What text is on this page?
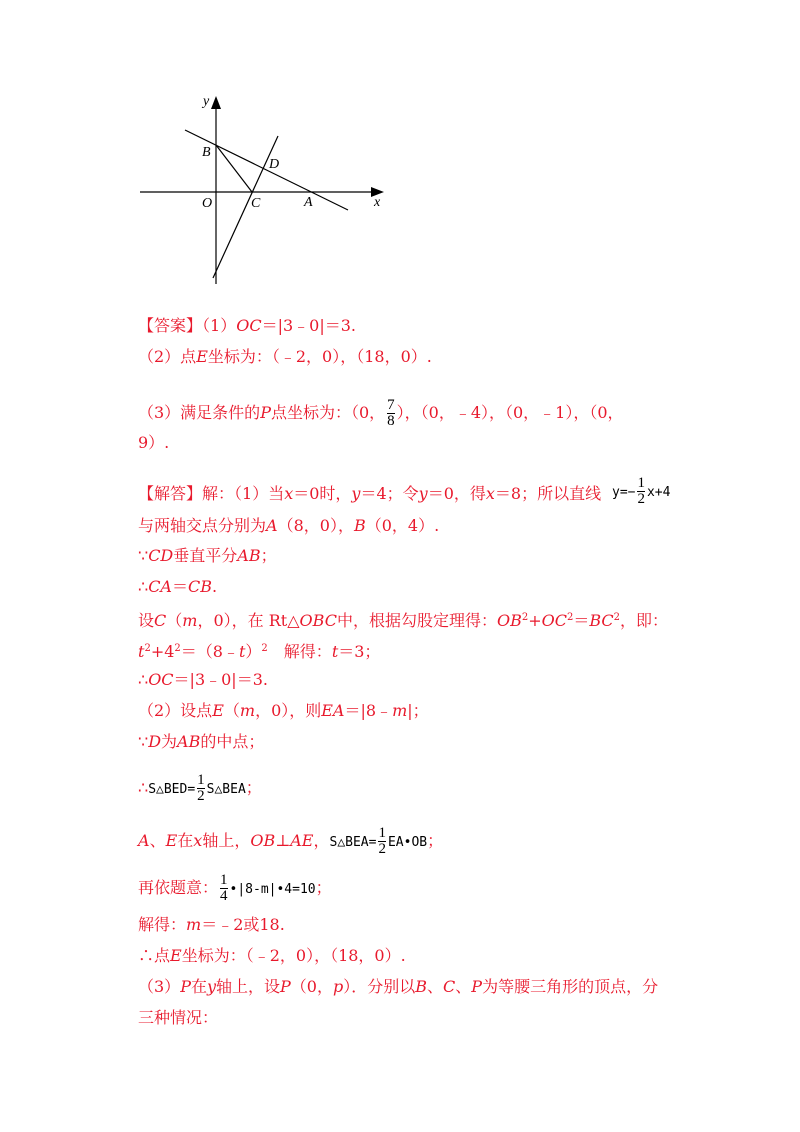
y
x
B
D
O	C	A
【答案】（1）OC＝|3﹣0|＝3.
（2）点E坐标为：（﹣2，0），（18，0）.
（3）满足条件的P点坐标为：（0， $\frac{7}{8}$ ），（0，﹣4），（0，﹣1），（0，
9）.
【解答】解：（1）当x＝0时，y＝4；令y＝0，得x＝8；所以直线 $y=- \frac{1}{2} x+4$
与两轴交点分别为A（8，0），B（0，4）.
∵CD垂直平分AB；
∴CA＝CB.
设C（m，0），在 Rt△OBC中，根据勾股定理得：$OB^2+OC^2=BC^2$，即：
$t^2+4^2=(8﹣t)^2$　解得：t＝3；
∴OC＝|3﹣0|＝3.
（2）设点E（m，0），则EA＝|8﹣m|；
∵D为AB的中点；
∴S△BED= $\frac{1}{2}$ S△BEA；
A、E在x轴上，OB⊥AE，S△BEA= $\frac{1}{2}$ EA•OB；
再依题意： $\frac{1}{4}$ •|8-m|•4=10；
解得：m＝﹣2或18.
∴点E坐标为：（﹣2，0），（18，0）.
（3）P在y轴上，设P（0，p）．分别以B、C、P为等腰三角形的顶点，分
三种情况：
